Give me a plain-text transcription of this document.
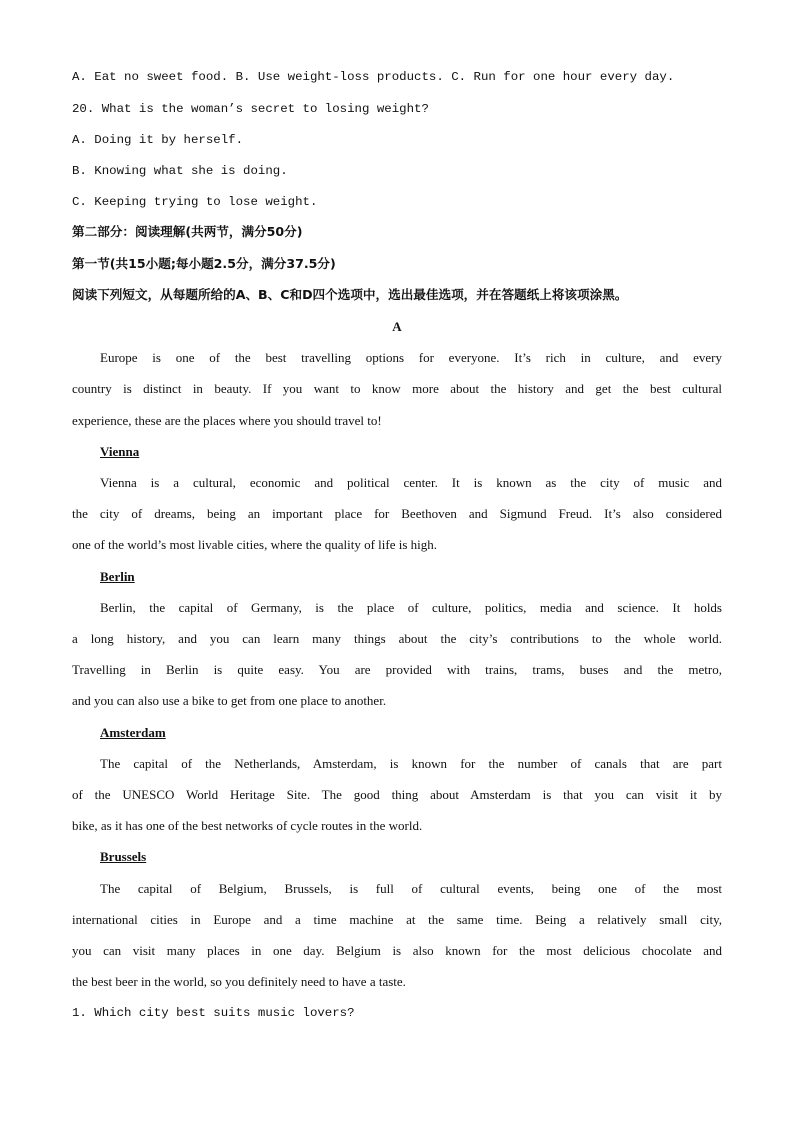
A. Eat no sweet food. B. Use weight-loss products. C. Run for one hour every day.
20. What is the woman’s secret to losing weight?
A. Doing it by herself.
B. Knowing what she is doing.
C. Keeping trying to lose weight.
第二部分：阅读理解(共两节，满分50分)
第一节(共15小题;每小题2.5分，满分37.5分)
阅读下列短文，从每题所给的A、B、C和D四个选项中，选出最佳选项，并在答题纸上将该项涂黑。
A
Europe is one of the best travelling options for everyone. It’s rich in culture, and every
country is distinct in beauty. If you want to know more about the history and get the best cultural
experience, these are the places where you should travel to!
Vienna
Vienna is a cultural, economic and political center. It is known as the city of music and
the city of dreams, being an important place for Beethoven and Sigmund Freud. It’s also considered
one of the world’s most livable cities, where the quality of life is high.
Berlin
Berlin, the capital of Germany, is the place of culture, politics, media and science. It holds
a long history, and you can learn many things about the city’s contributions to the whole world.
Travelling in Berlin is quite easy. You are provided with trains, trams, buses and the metro,
and you can also use a bike to get from one place to another.
Amsterdam
The capital of the Netherlands, Amsterdam, is known for the number of canals that are part
of the UNESCO World Heritage Site. The good thing about Amsterdam is that you can visit it by
bike, as it has one of the best networks of cycle routes in the world.
Brussels
The capital of Belgium, Brussels, is full of cultural events, being one of the most
international cities in Europe and a time machine at the same time. Being a relatively small city,
you can visit many places in one day. Belgium is also known for the most delicious chocolate and
the best beer in the world, so you definitely need to have a taste.
1. Which city best suits music lovers?
